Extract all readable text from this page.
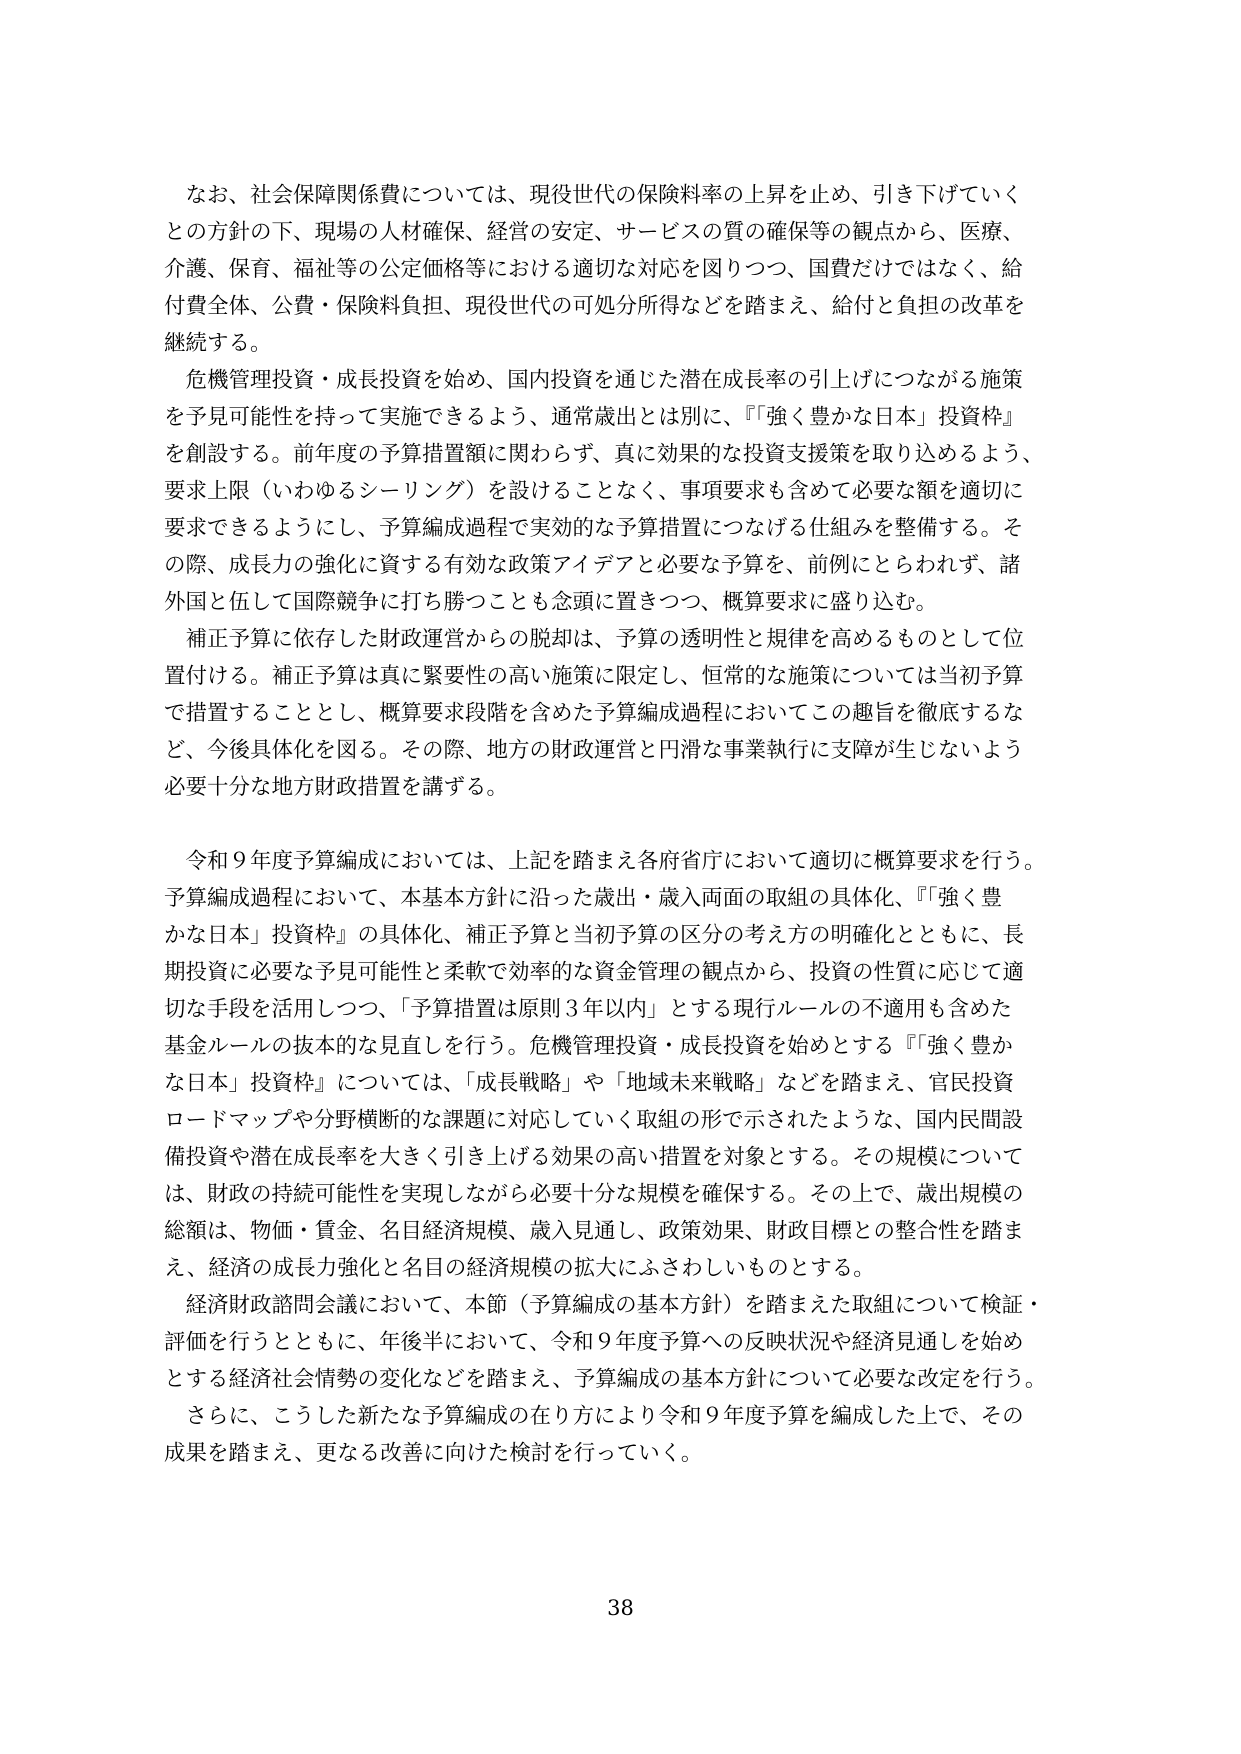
　なお、社会保障関係費については、現役世代の保険料率の上昇を止め、引き下げていく
との方針の下、現場の人材確保、経営の安定、サービスの質の確保等の観点から、医療、
介護、保育、福祉等の公定価格等における適切な対応を図りつつ、国費だけではなく、給
付費全体、公費・保険料負担、現役世代の可処分所得などを踏まえ、給付と負担の改革を
継続する。
　危機管理投資・成長投資を始め、国内投資を通じた潜在成長率の引上げにつながる施策
を予見可能性を持って実施できるよう、通常歳出とは別に、『「強く豊かな日本」投資枠』
を創設する。前年度の予算措置額に関わらず、真に効果的な投資支援策を取り込めるよう、
要求上限（いわゆるシーリング）を設けることなく、事項要求も含めて必要な額を適切に
要求できるようにし、予算編成過程で実効的な予算措置につなげる仕組みを整備する。そ
の際、成長力の強化に資する有効な政策アイデアと必要な予算を、前例にとらわれず、諸
外国と伍して国際競争に打ち勝つことも念頭に置きつつ、概算要求に盛り込む。
　補正予算に依存した財政運営からの脱却は、予算の透明性と規律を高めるものとして位
置付ける。補正予算は真に緊要性の高い施策に限定し、恒常的な施策については当初予算
で措置することとし、概算要求段階を含めた予算編成過程においてこの趣旨を徹底するな
ど、今後具体化を図る。その際、地方の財政運営と円滑な事業執行に支障が生じないよう
必要十分な地方財政措置を講ずる。
　令和９年度予算編成においては、上記を踏まえ各府省庁において適切に概算要求を行う。
予算編成過程において、本基本方針に沿った歳出・歳入両面の取組の具体化、『「強く豊
かな日本」投資枠』の具体化、補正予算と当初予算の区分の考え方の明確化とともに、長
期投資に必要な予見可能性と柔軟で効率的な資金管理の観点から、投資の性質に応じて適
切な手段を活用しつつ、「予算措置は原則３年以内」とする現行ルールの不適用も含めた
基金ルールの抜本的な見直しを行う。危機管理投資・成長投資を始めとする『「強く豊か
な日本」投資枠』については、「成長戦略」や「地域未来戦略」などを踏まえ、官民投資
ロードマップや分野横断的な課題に対応していく取組の形で示されたような、国内民間設
備投資や潜在成長率を大きく引き上げる効果の高い措置を対象とする。その規模について
は、財政の持続可能性を実現しながら必要十分な規模を確保する。その上で、歳出規模の
総額は、物価・賃金、名目経済規模、歳入見通し、政策効果、財政目標との整合性を踏ま
え、経済の成長力強化と名目の経済規模の拡大にふさわしいものとする。
　経済財政諮問会議において、本節（予算編成の基本方針）を踏まえた取組について検証・
評価を行うとともに、年後半において、令和９年度予算への反映状況や経済見通しを始め
とする経済社会情勢の変化などを踏まえ、予算編成の基本方針について必要な改定を行う。
　さらに、こうした新たな予算編成の在り方により令和９年度予算を編成した上で、その
成果を踏まえ、更なる改善に向けた検討を行っていく。
38
